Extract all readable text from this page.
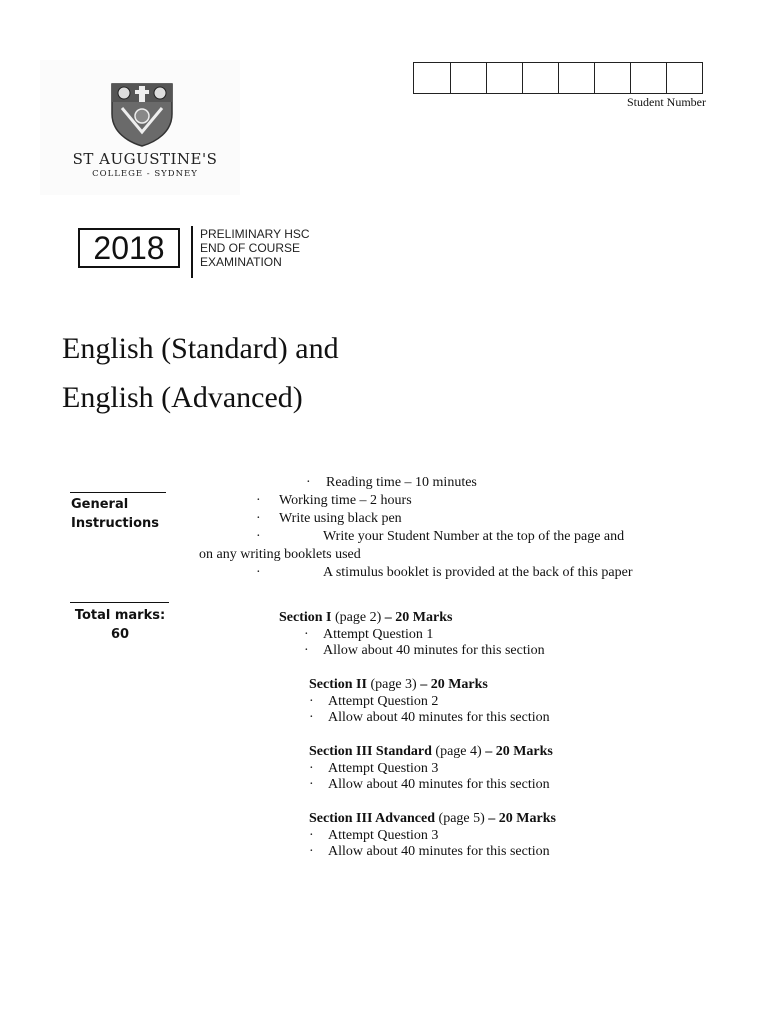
ST AUGUSTINE'S
COLLEGE - SYDNEY
Student Number
2018	PRELIMINARY HSC
END OF COURSE
EXAMINATION
English (Standard) and
English (Advanced)
General
Instructions
· Reading time – 10 minutes
· Working time – 2 hours
· Write using black pen
·	Write your Student Number at the top of the page and
on any writing booklets used
·	A stimulus booklet is provided at the back of this paper
Total marks:
60
Section I (page 2) – 20 Marks
· Attempt Question 1
· Allow about 40 minutes for this section
Section II (page 3) – 20 Marks
· Attempt Question 2
· Allow about 40 minutes for this section
Section III Standard (page 4) – 20 Marks
· Attempt Question 3
· Allow about 40 minutes for this section
Section III Advanced (page 5) – 20 Marks
· Attempt Question 3
· Allow about 40 minutes for this section
